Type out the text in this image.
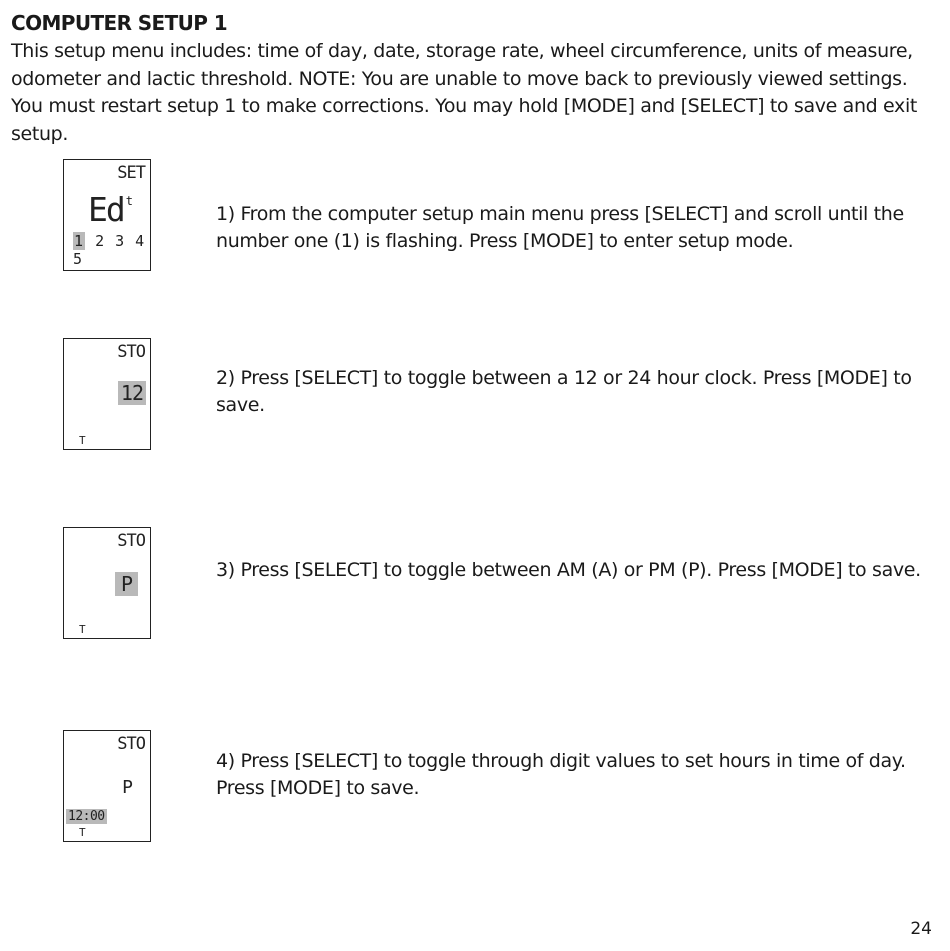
COMPUTER SETUP 1

This setup menu includes: time of day, date, storage rate, wheel circumference, units of measure, odometer and lactic threshold. NOTE: You are unable to move back to previously viewed settings. You must restart setup 1 to make corrections. You may hold [MODE] and [SELECT] to save and exit setup.

SET
Ed $^t$
1 2 3 4 5

1) From the computer setup main menu press [SELECT] and scroll until the number one (1) is flashing. Press [MODE] to enter setup mode.

STO
12
T

2) Press [SELECT] to toggle between a 12 or 24 hour clock. Press [MODE] to save.

STO
P
T

3) Press [SELECT] to toggle between AM (A) or PM (P). Press [MODE] to save.

STO
P
12:00
T

4) Press [SELECT] to toggle through digit values to set hours in time of day. Press [MODE] to save.

24
